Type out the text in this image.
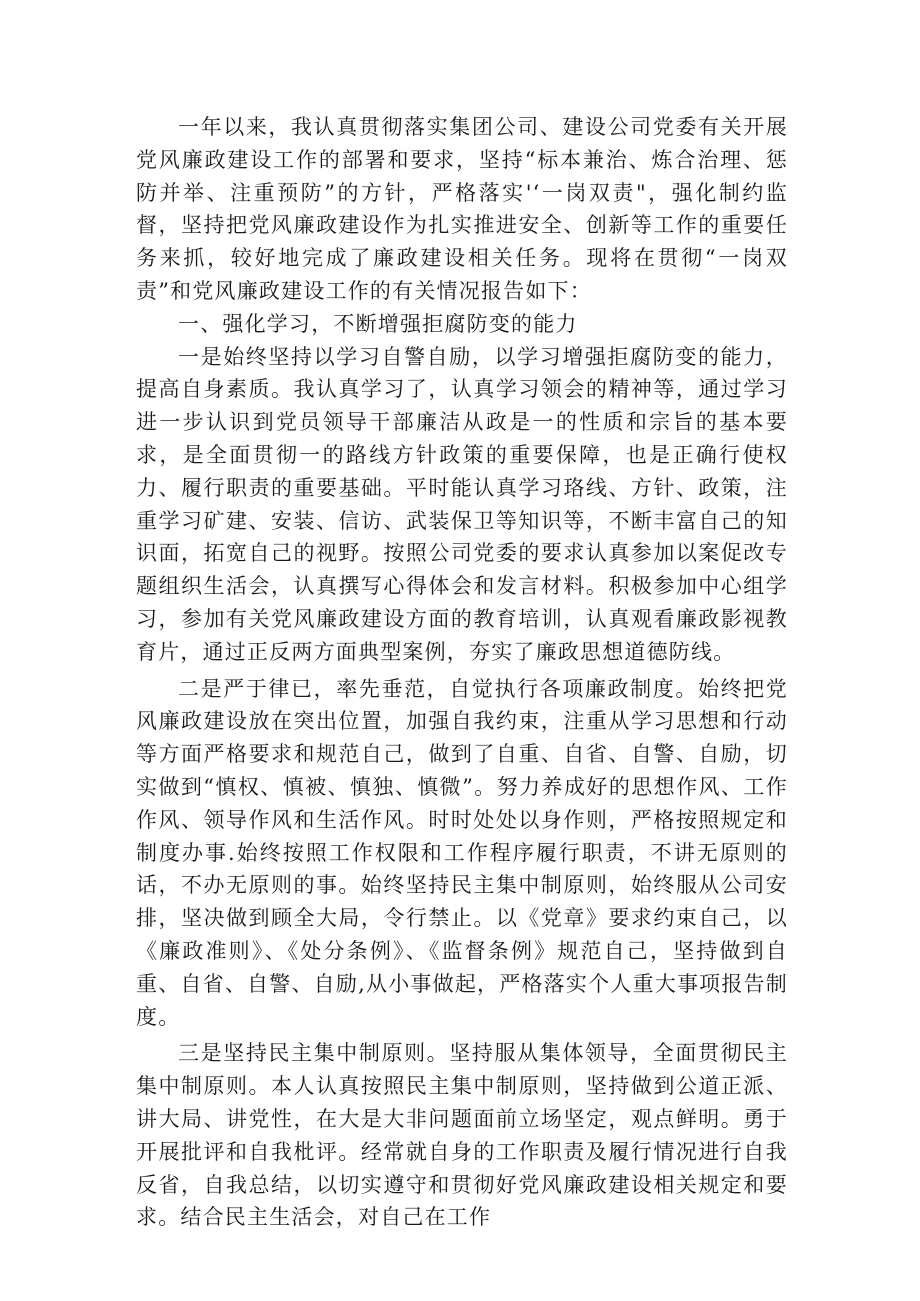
一年以来，我认真贯彻落实集团公司、建设公司党委有关开展党风廉政建设工作的部署和要求，坚持“标本兼治、炼合治理、惩防并举、注重预防”的方针，严格落实'‘一岗双责"，强化制约监督，坚持把党风廉政建设作为扎实推进安全、创新等工作的重要任务来抓，较好地完成了廉政建设相关任务。现将在贯彻“一岗双责”和党风廉政建设工作的有关情况报告如下：

一、强化学习，不断增强拒腐防变的能力

一是始终坚持以学习自警自励，以学习增强拒腐防变的能力，提高自身素质。我认真学习了，认真学习领会的精神等，通过学习进一步认识到党员领导干部廉洁从政是一的性质和宗旨的基本要求，是全面贯彻一的路线方针政策的重要保障，也是正确行使权力、履行职责的重要基础。平时能认真学习珞线、方针、政策，注重学习矿建、安装、信访、武装保卫等知识等，不断丰富自己的知识面，拓宽自己的视野。按照公司党委的要求认真参加以案促改专题组织生活会，认真撰写心得体会和发言材料。积极参加中心组学习，参加有关党风廉政建设方面的教育培训，认真观看廉政影视教育片，通过正反两方面典型案例，夯实了廉政思想道德防线。

二是严于律已，率先垂范，自觉执行各项廉政制度。始终把党风廉政建设放在突出位置，加强自我约束，注重从学习思想和行动等方面严格要求和规范自己，做到了自重、自省、自警、自励，切实做到“慎权、慎被、慎独、慎微”。努力养成好的思想作风、工作作风、领导作风和生活作风。时时处处以身作则，严格按照规定和制度办事.始终按照工作权限和工作程序履行职责，不讲无原则的话，不办无原则的事。始终坚持民主集中制原则，始终服从公司安排，坚决做到顾全大局，令行禁止。以《党章》要求约束自己，以《廉政准则》、《处分条例》、《监督条例》规范自己，坚持做到自重、自省、自警、自励,从小事做起，严格落实个人重大事项报告制度。

三是坚持民主集中制原则。坚持服从集体领导，全面贯彻民主集中制原则。本人认真按照民主集中制原则，坚持做到公道正派、讲大局、讲党性，在大是大非问题面前立场坚定，观点鲜明。勇于开展批评和自我枇评。经常就自身的工作职责及履行情况进行自我反省，自我总结，以切实遵守和贯彻好党风廉政建设相关规定和要求。结合民主生活会，对自己在工作
